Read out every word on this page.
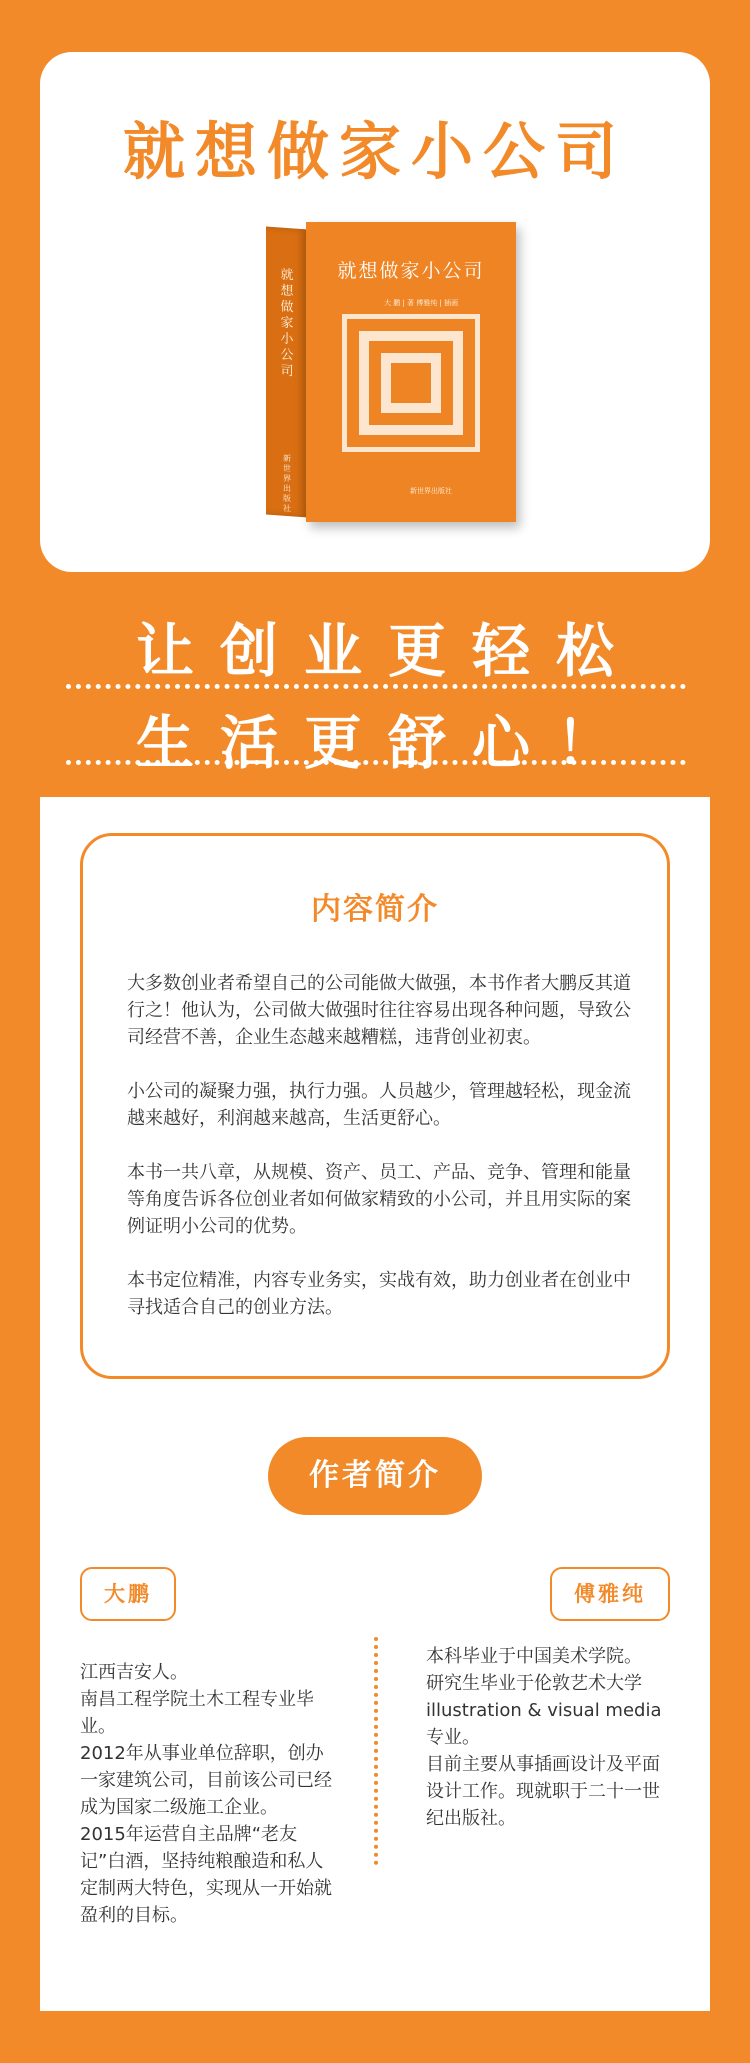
就想做家小公司
就想做家小公司
新世界出版社
就想做家小公司
大 鹏 | 著 傅雅纯 | 插画
新世界出版社
让创业更轻松
生活更舒心！
内容简介

大多数创业者希望自己的公司能做大做强，本书作者大鹏反其道行之！他认为，公司做大做强时往往容易出现各种问题，导致公司经营不善，企业生态越来越糟糕，违背创业初衷。

小公司的凝聚力强，执行力强。人员越少，管理越轻松，现金流越来越好，利润越来越高，生活更舒心。

本书一共八章，从规模、资产、员工、产品、竞争、管理和能量等角度告诉各位创业者如何做家精致的小公司，并且用实际的案例证明小公司的优势。

本书定位精准，内容专业务实，实战有效，助力创业者在创业中寻找适合自己的创业方法。

作者简介
大鹏	傅雅纯
江西吉安人。
南昌工程学院土木工程专业毕业。
2012年从事业单位辞职，创办一家建筑公司，目前该公司已经成为国家二级施工企业。
2015年运营自主品牌“老友记”白酒，坚持纯粮酿造和私人定制两大特色，实现从一开始就盈利的目标。
本科毕业于中国美术学院。
研究生毕业于伦敦艺术大学 illustration & visual media专业。
目前主要从事插画设计及平面设计工作。现就职于二十一世纪出版社。
